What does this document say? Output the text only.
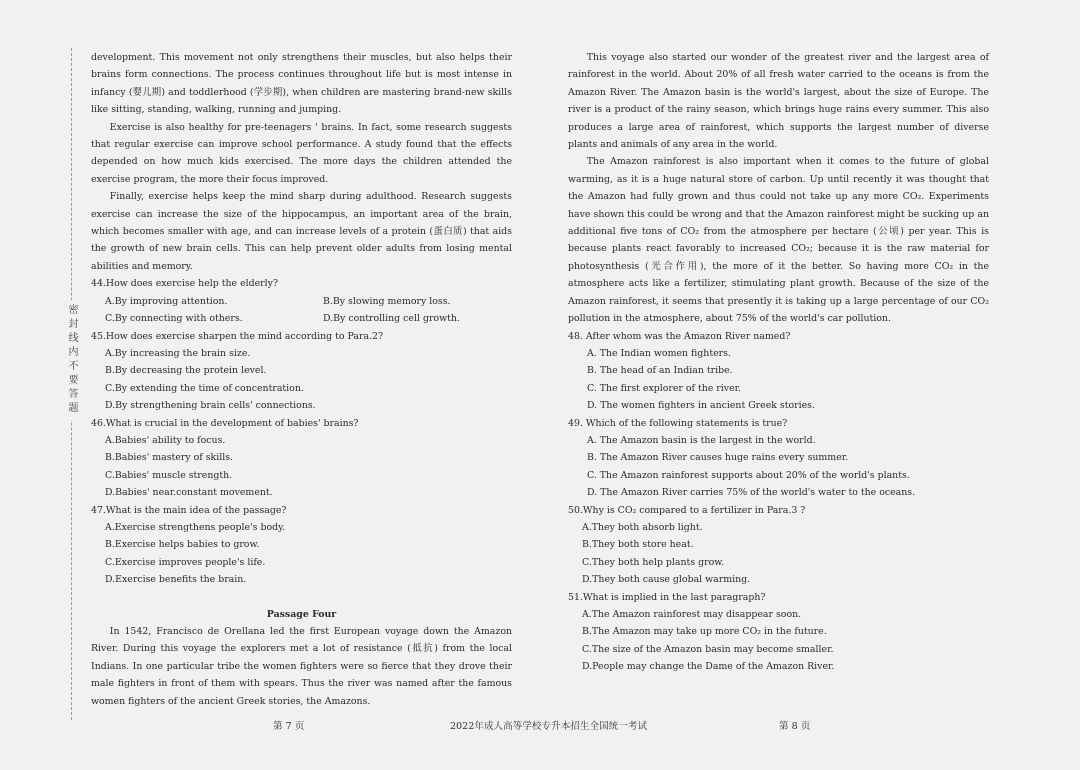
密封线内不要答题

development. This movement not only strengthens their muscles, but also helps their brains form connections. The process continues throughout life but is most intense in infancy (婴儿期) and toddlerhood (学步期), when children are mastering brand-new skills like sitting, standing, walking, running and jumping.

Exercise is also healthy for pre-teenagers ' brains. In fact, some research suggests that regular exercise can improve school performance. A study found that the effects depended on how much kids exercised. The more days the children attended the exercise program, the more their focus improved.

Finally, exercise helps keep the mind sharp during adulthood. Research suggests exercise can increase the size of the hippocampus, an important area of the brain, which becomes smaller with age, and can increase levels of a protein (蛋白质) that aids the growth of new brain cells. This can help prevent older adults from losing mental abilities and memory.

44.How does exercise help the elderly?

A.By improving attention.	B.By slowing memory loss.
C.By connecting with others.	D.By controlling cell growth.

45.How does exercise sharpen the mind according to Para.2?

A.By increasing the brain size.

B.By decreasing the protein level.

C.By extending the time of concentration.

D.By strengthening brain cells' connections.

46.What is crucial in the development of babies' brains?

A.Babies' ability to focus.

B.Babies' mastery of skills.

C.Babies' muscle strength.

D.Babies' near.constant movement.

47.What is the main idea of the passage?

A.Exercise strengthens people's body.

B.Exercise helps babies to grow.

C.Exercise improves people's life.

D.Exercise benefits the brain.

Passage Four

In 1542, Francisco de Orellana led the first European voyage down the Amazon River. During this voyage the explorers met a lot of resistance (抵抗) from the local Indians. In one particular tribe the women fighters were so fierce that they drove their male fighters in front of them with spears. Thus the river was named after the famous women fighters of the ancient Greek stories, the Amazons.

This voyage also started our wonder of the greatest river and the largest area of rainforest in the world. About 20% of all fresh water carried to the oceans is from the Amazon River. The Amazon basin is the world's largest, about the size of Europe. The river is a product of the rainy season, which brings huge rains every summer. This also produces a large area of rainforest, which supports the largest number of diverse plants and animals of any area in the world.

The Amazon rainforest is also important when it comes to the future of global warming, as it is a huge natural store of carbon. Up until recently it was thought that the Amazon had fully grown and thus could not take up any more CO₂. Experiments have shown this could be wrong and that the Amazon rainforest might be sucking up an additional five tons of CO₂ from the atmosphere per hectare (公顷) per year. This is because plants react favorably to increased CO₂; because it is the raw material for photosynthesis (光合作用), the more of it the better. So having more CO₂ in the atmosphere acts like a fertilizer, stimulating plant growth. Because of the size of the Amazon rainforest, it seems that presently it is taking up a large percentage of our CO₂ pollution in the atmosphere, about 75% of the world's car pollution.

48. After whom was the Amazon River named?

A. The Indian women fighters.

B. The head of an Indian tribe.

C. The first explorer of the river.

D. The women fighters in ancient Greek stories.

49. Which of the following statements is true?

A. The Amazon basin is the largest in the world.

B. The Amazon River causes huge rains every summer.

C. The Amazon rainforest supports about 20% of the world's plants.

D. The Amazon River carries 75% of the world's water to the oceans.

50.Why is CO₂ compared to a fertilizer in Para.3 ?

A.They both absorb light.

B.They both store heat.

C.They both help plants grow.

D.They both cause global warming.

51.What is implied in the last paragraph?

A.The Amazon rainforest may disappear soon.

B.The Amazon may take up more CO₂ in the future.

C.The size of the Amazon basin may become smaller.

D.People may change the Dame of the Amazon River.

第 7 页	2022年成人高等学校专升本招生全国统一考试	第 8 页
